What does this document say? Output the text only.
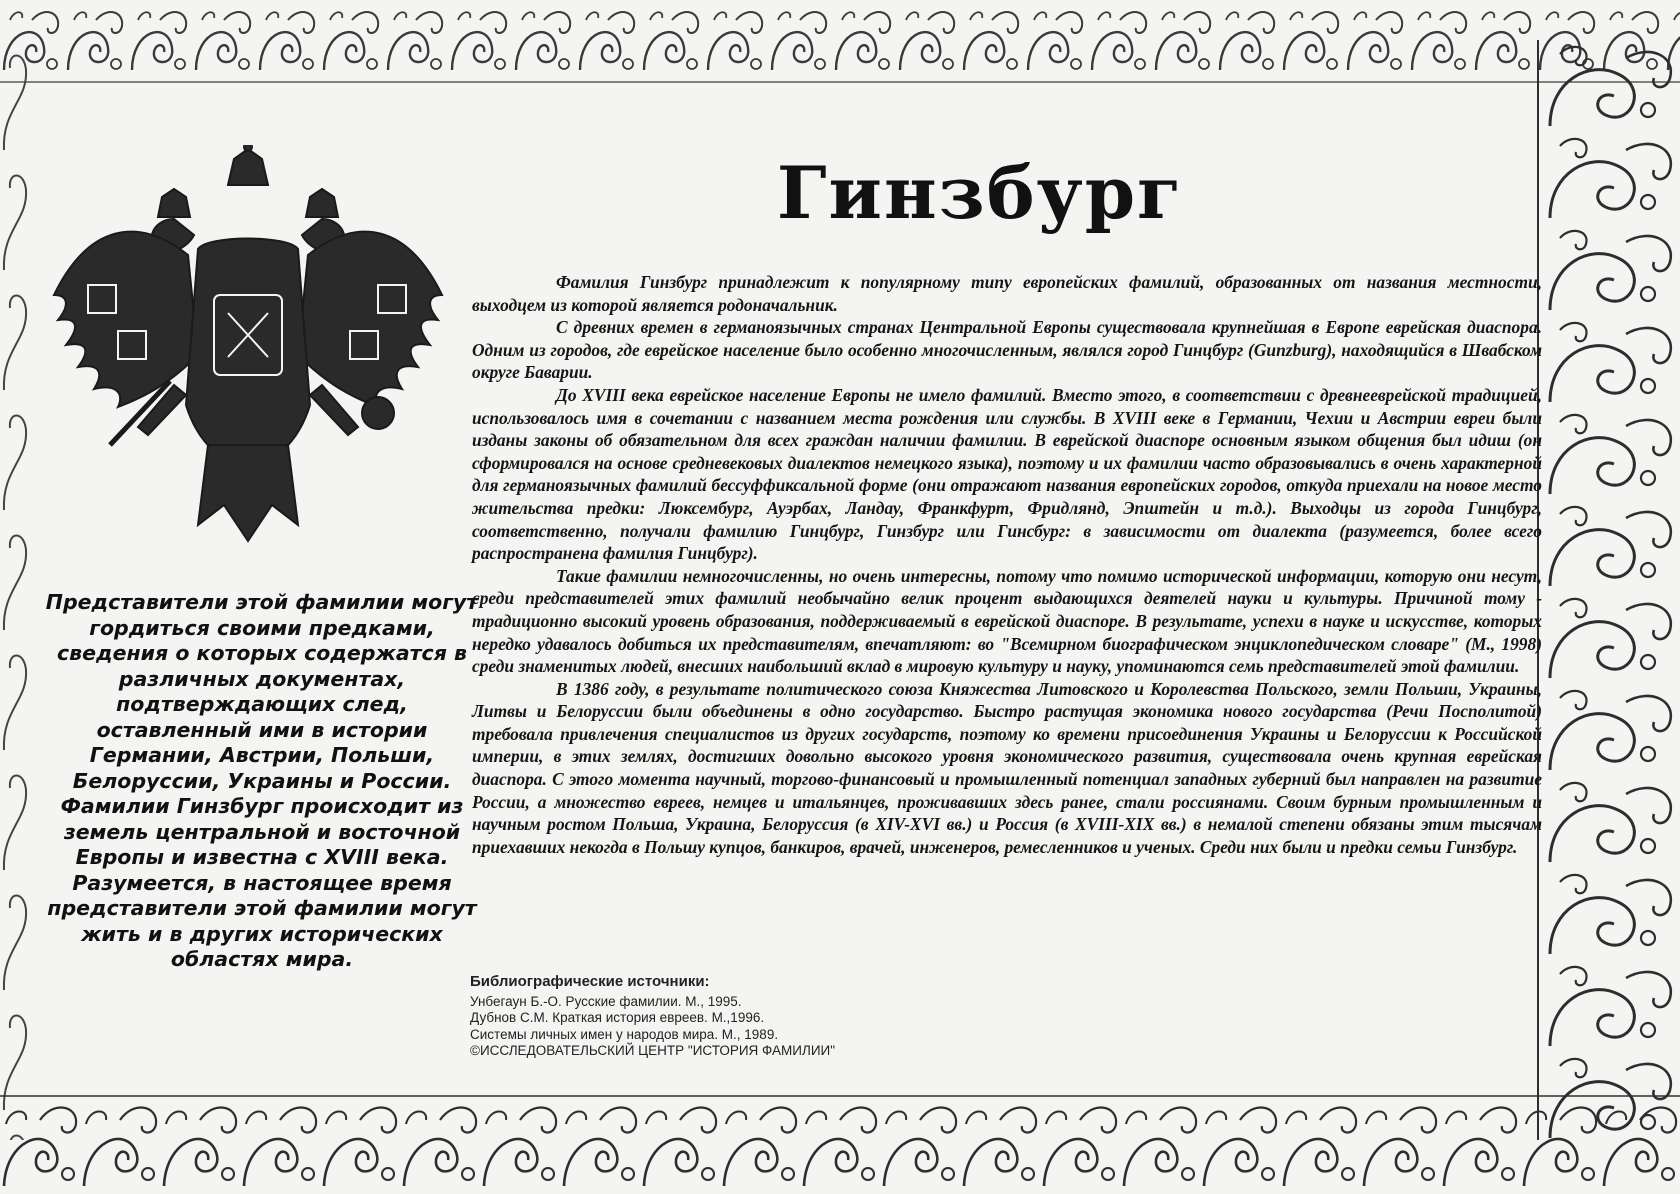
Гинзбург
Представители этой фамилии могут гордиться своими предками, сведения о которых содержатся в различных документах, подтверждающих след, оставленный ими в истории Германии, Австрии, Польши, Белоруссии, Украины и России. Фамилии Гинзбург происходит из земель центральной и восточной Европы и известна с XVIII века. Разумеется, в настоящее время представители этой фамилии могут жить и в других исторических областях мира.

Фамилия Гинзбург принадлежит к популярному типу европейских фамилий, образованных от названия местности, выходцем из которой является родоначальник.

С древних времен в германоязычных странах Центральной Европы существовала крупнейшая в Европе еврейская диаспора. Одним из городов, где еврейское население было особенно многочисленным, являлся город Гинцбург (Gunzburg), находящийся в Швабском округе Баварии.

До XVIII века еврейское население Европы не имело фамилий. Вместо этого, в соответствии с древнееврейской традицией, использовалось имя в сочетании с названием места рождения или службы. В XVIII веке в Германии, Чехии и Австрии евреи были изданы законы об обязательном для всех граждан наличии фамилии. В еврейской диаспоре основным языком общения был идиш (он сформировался на основе средневековых диалектов немецкого языка), поэтому и их фамилии часто образовывались в очень характерной для германоязычных фамилий бессуффиксальной форме (они отражают названия европейских городов, откуда приехали на новое место жительства предки: Люксембург, Ауэрбах, Ландау, Франкфурт, Фридлянд, Эпштейн и т.д.). Выходцы из города Гинцбург, соответственно, получали фамилию Гинцбург, Гинзбург или Гинсбург: в зависимости от диалекта (разумеется, более всего распространена фамилия Гинцбург).

Такие фамилии немногочисленны, но очень интересны, потому что помимо исторической информации, которую они несут, среди представителей этих фамилий необычайно велик процент выдающихся деятелей науки и культуры. Причиной тому - традиционно высокий уровень образования, поддерживаемый в еврейской диаспоре. В результате, успехи в науке и искусстве, которых нередко удавалось добиться их представителям, впечатляют: во "Всемирном биографическом энциклопедическом словаре" (М., 1998) среди знаменитых людей, внесших наибольший вклад в мировую культуру и науку, упоминаются семь представителей этой фамилии.

В 1386 году, в результате политического союза Княжества Литовского и Королевства Польского, земли Польши, Украины, Литвы и Белоруссии были объединены в одно государство. Быстро растущая экономика нового государства (Речи Посполитой) требовала привлечения специалистов из других государств, поэтому ко времени присоединения Украины и Белоруссии к Российской империи, в этих землях, достигших довольно высокого уровня экономического развития, существовала очень крупная еврейская диаспора. С этого момента научный, торгово-финансовый и промышленный потенциал западных губерний был направлен на развитие России, а множество евреев, немцев и итальянцев, проживавших здесь ранее, стали россиянами. Своим бурным промышленным и научным ростом Польша, Украина, Белоруссия (в XIV-XVI вв.) и Россия (в XVIII-XIX вв.) в немалой степени обязаны этим тысячам приехавших некогда в Польшу купцов, банкиров, врачей, инженеров, ремесленников и ученых. Среди них были и предки семьи Гинзбург.

Библиографические источники:
Унбегаун Б.-О. Русские фамилии. М., 1995.
Дубнов С.М. Краткая история евреев. М.,1996.
Системы личных имен у народов мира. М., 1989.
©ИССЛЕДОВАТЕЛЬСКИЙ ЦЕНТР "ИСТОРИЯ ФАМИЛИИ"
